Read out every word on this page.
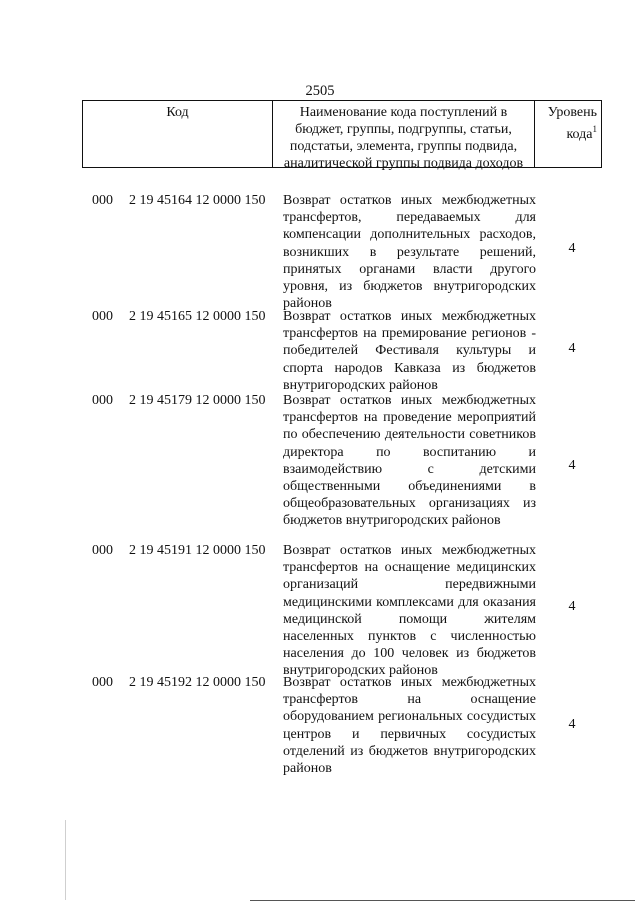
2505
Код	Наименование кода поступлений в бюджет, группы, подгруппы, статьи, подстатьи, элемента, группы подвида, аналитической группы подвида доходов
Уровень
кода$^1$
000 2 19 45164 12 0000 150 Возврат остатков иных межбюджетных трансфертов, передаваемых для компенсации дополнительных расходов, возникших в результате решений, принятых органами власти другого уровня, из бюджетов внутригородских районов
4
000 2 19 45165 12 0000 150 Возврат остатков иных межбюджетных трансфертов на премирование регионов - победителей Фестиваля культуры и спорта народов Кавказа из бюджетов внутригородских районов
4
000 2 19 45179 12 0000 150 Возврат остатков иных межбюджетных трансфертов на проведение мероприятий по обеспечению деятельности советников директора по воспитанию и взаимодействию с детскими общественными объединениями в общеобразовательных организациях из бюджетов внутригородских районов
4
000 2 19 45191 12 0000 150 Возврат остатков иных межбюджетных трансфертов на оснащение медицинских организаций передвижными медицинскими комплексами для оказания медицинской помощи жителям населенных пунктов с численностью населения до 100 человек из бюджетов внутригородских районов
4
000 2 19 45192 12 0000 150 Возврат остатков иных межбюджетных трансфертов на оснащение оборудованием региональных сосудистых центров и первичных сосудистых отделений из бюджетов внутригородских районов
4
